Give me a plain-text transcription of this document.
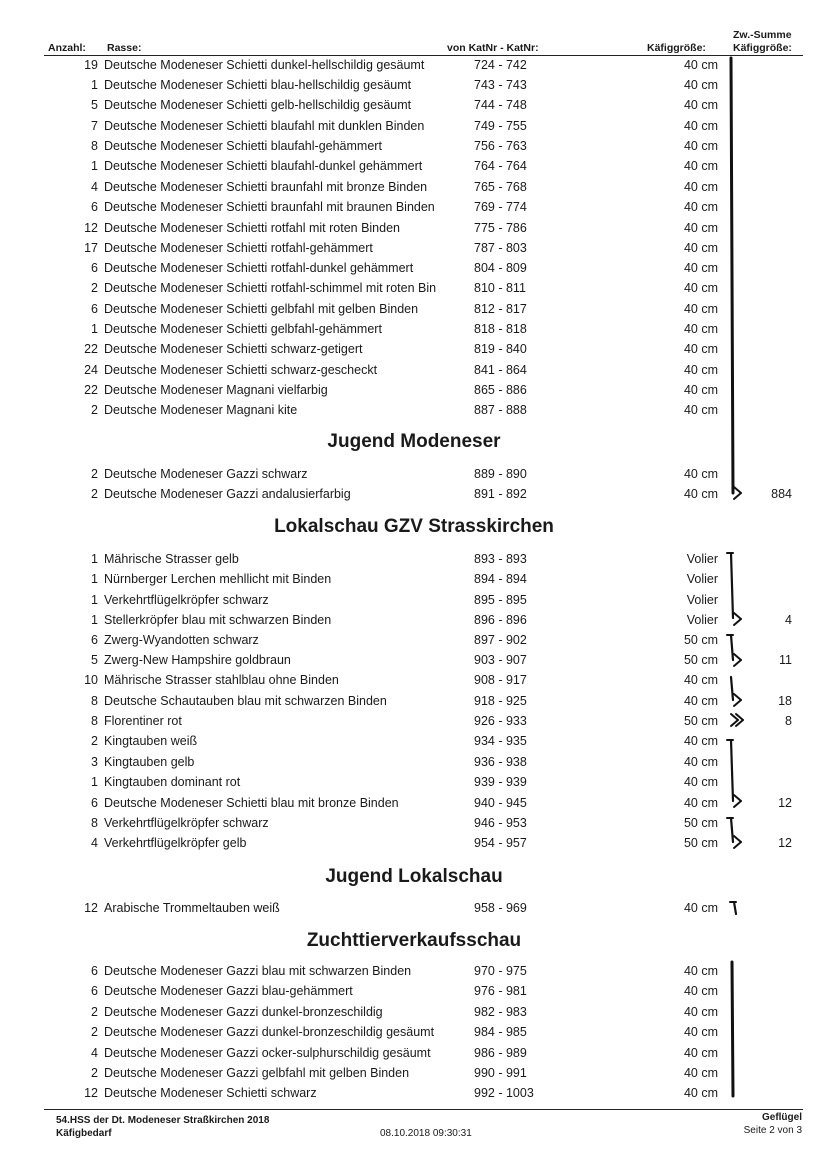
Anzahl: Rasse:	von KatNr - KatNr:	Käfiggröße:
Zw.-Summe
Käfiggröße:
19 Deutsche Modeneser Schietti dunkel-hellschildig gesäumt	724 - 742	40 cm
1 Deutsche Modeneser Schietti blau-hellschildig gesäumt	743 - 743	40 cm
5 Deutsche Modeneser Schietti gelb-hellschildig gesäumt	744 - 748	40 cm
7 Deutsche Modeneser Schietti blaufahl mit dunklen Binden	749 - 755	40 cm
8 Deutsche Modeneser Schietti blaufahl-gehämmert	756 - 763	40 cm
1 Deutsche Modeneser Schietti blaufahl-dunkel gehämmert	764 - 764	40 cm
4 Deutsche Modeneser Schietti braunfahl mit bronze Binden	765 - 768	40 cm
6 Deutsche Modeneser Schietti braunfahl mit braunen Binden	769 - 774	40 cm
12 Deutsche Modeneser Schietti rotfahl mit roten Binden	775 - 786	40 cm
17 Deutsche Modeneser Schietti rotfahl-gehämmert	787 - 803	40 cm
6 Deutsche Modeneser Schietti rotfahl-dunkel gehämmert	804 - 809	40 cm
2 Deutsche Modeneser Schietti rotfahl-schimmel mit roten Bin	810 - 811	40 cm
6 Deutsche Modeneser Schietti gelbfahl mit gelben Binden	812 - 817	40 cm
1 Deutsche Modeneser Schietti gelbfahl-gehämmert	818 - 818	40 cm
22 Deutsche Modeneser Schietti schwarz-getigert	819 - 840	40 cm
24 Deutsche Modeneser Schietti schwarz-gescheckt	841 - 864	40 cm
22 Deutsche Modeneser Magnani vielfarbig	865 - 886	40 cm
2 Deutsche Modeneser Magnani kite	887 - 888	40 cm
Jugend Modeneser
2 Deutsche Modeneser Gazzi schwarz	889 - 890	40 cm
2 Deutsche Modeneser Gazzi andalusierfarbig	891 - 892	40 cm	884
Lokalschau GZV Strasskirchen
1 Mährische Strasser gelb	893 - 893	Volier
1 Nürnberger Lerchen mehllicht mit Binden	894 - 894	Volier
1 Verkehrtflügelkröpfer schwarz	895 - 895	Volier
1 Stellerkröpfer blau mit schwarzen Binden	896 - 896	Volier	4
6 Zwerg-Wyandotten schwarz	897 - 902	50 cm
5 Zwerg-New Hampshire goldbraun	903 - 907	50 cm	11
10 Mährische Strasser stahlblau ohne Binden	908 - 917	40 cm
8 Deutsche Schautauben blau mit schwarzen Binden	918 - 925	40 cm	18
8 Florentiner rot	926 - 933	50 cm	8
2 Kingtauben weiß	934 - 935	40 cm
3 Kingtauben gelb	936 - 938	40 cm
1 Kingtauben dominant rot	939 - 939	40 cm
6 Deutsche Modeneser Schietti blau mit bronze Binden	940 - 945	40 cm	12
8 Verkehrtflügelkröpfer schwarz	946 - 953	50 cm
4 Verkehrtflügelkröpfer gelb	954 - 957	50 cm	12
Jugend Lokalschau
12 Arabische Trommeltauben weiß	958 - 969	40 cm
Zuchttierverkaufsschau
6 Deutsche Modeneser Gazzi blau mit schwarzen Binden	970 - 975	40 cm
6 Deutsche Modeneser Gazzi blau-gehämmert	976 - 981	40 cm
2 Deutsche Modeneser Gazzi dunkel-bronzeschildig	982 - 983	40 cm
2 Deutsche Modeneser Gazzi dunkel-bronzeschildig gesäumt	984 - 985	40 cm
4 Deutsche Modeneser Gazzi ocker-sulphurschildig gesäumt	986 - 989	40 cm
2 Deutsche Modeneser Gazzi gelbfahl mit gelben Binden	990 - 991	40 cm
12 Deutsche Modeneser Schietti schwarz	992 - 1003	40 cm
54.HSS der Dt. Modeneser Straßkirchen 2018
Käfigbedarf	08.10.2018 09:30:31
Geflügel
Seite 2 von 3
